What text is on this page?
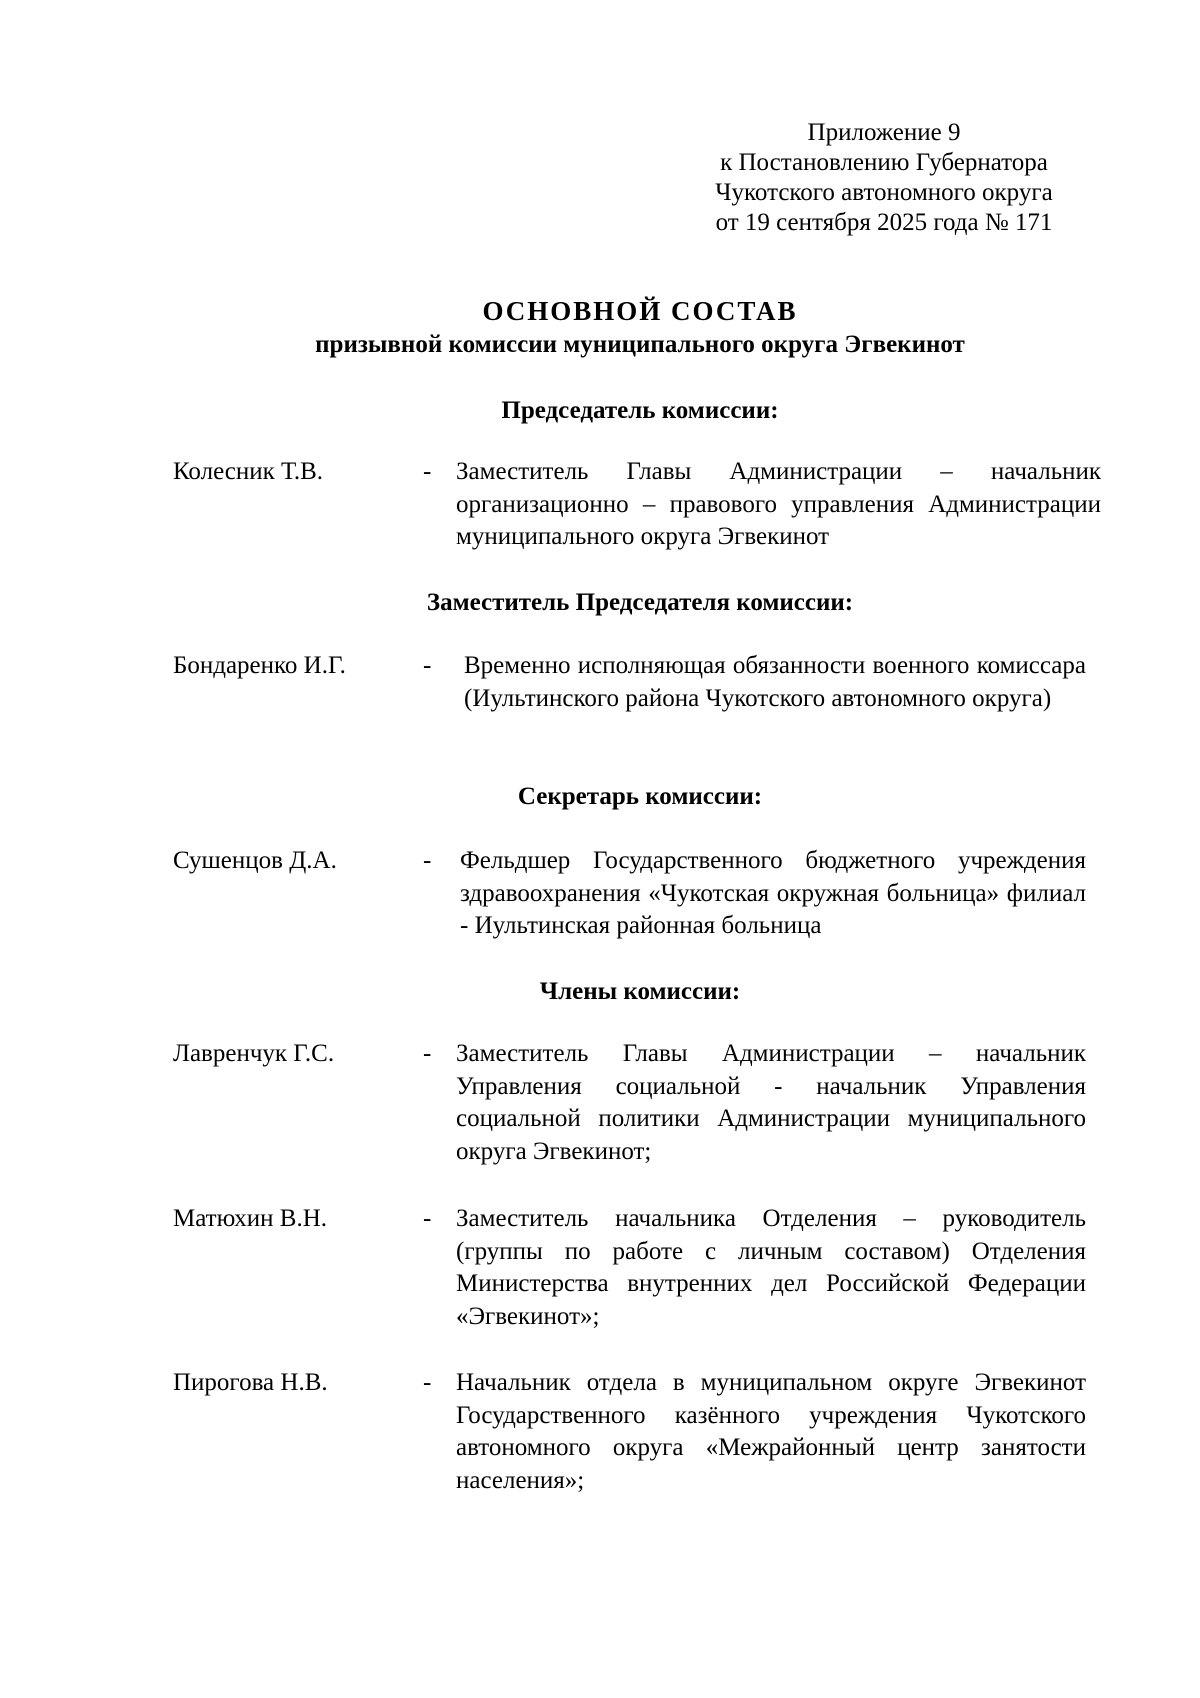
Приложение 9
к Постановлению Губернатора
Чукотского автономного округа
от 19 сентября 2025 года № 171
ОСНОВНОЙ СОСТАВ
призывной комиссии муниципального округа Эгвекинот
Председатель комиссии:
Колесник Т.В.	- Заместитель Главы Администрации – начальник организационно – правового управления Администрации муниципального округа Эгвекинот
Заместитель Председателя комиссии:
Бондаренко И.Г.	- Временно исполняющая обязанности военного комиссара (Иультинского района Чукотского автономного округа)
Секретарь комиссии:
Сушенцов Д.А.	- Фельдшер Государственного бюджетного учреждения здравоохранения «Чукотская окружная больница» филиал - Иультинская районная больница
Члены комиссии:
Лавренчук Г.С.	- Заместитель Главы Администрации – начальник Управления социальной - начальник Управления социальной политики Администрации муниципального округа Эгвекинот;
Матюхин В.Н.	- Заместитель начальника Отделения – руководитель (группы по работе с личным составом) Отделения Министерства внутренних дел Российской Федерации «Эгвекинот»;
Пирогова Н.В.	- Начальник отдела в муниципальном округе Эгвекинот Государственного казённого учреждения Чукотского автономного округа «Межрайонный центр занятости населения»;
